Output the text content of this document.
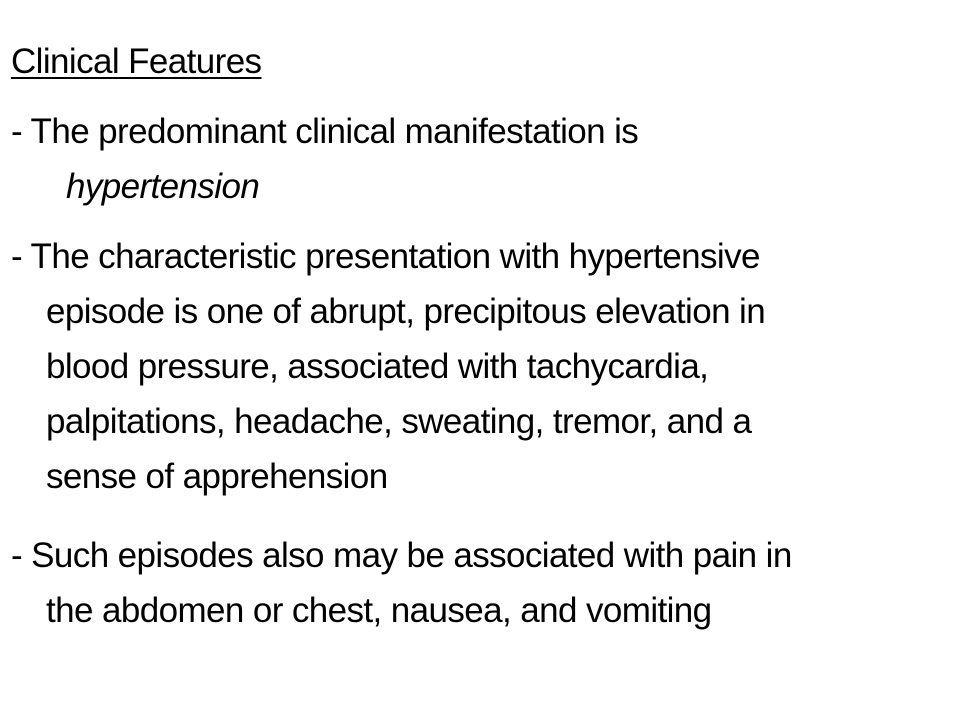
Clinical Features
- The predominant clinical manifestation is
hypertension
- The characteristic presentation with hypertensive
episode is one of abrupt, precipitous elevation in
blood pressure, associated with tachycardia,
palpitations, headache, sweating, tremor, and a
sense of apprehension
- Such episodes also may be associated with pain in
the abdomen or chest, nausea, and vomiting
